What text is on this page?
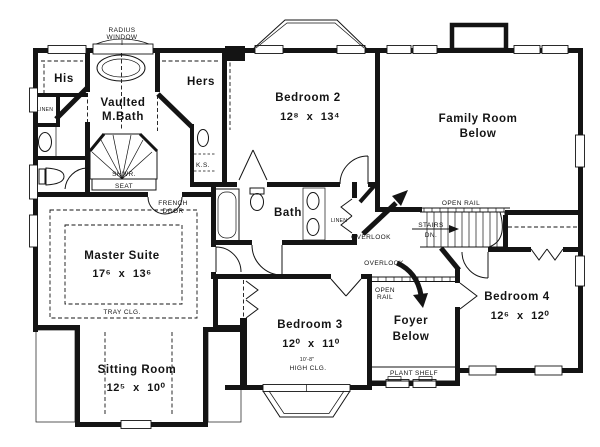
His	Hers
Vaulted
M.Bath
Bedroom 2
12⁸ x 13⁴	Family Room
Below
Bath
Master Suite
17⁶ x 13⁶
TRAY CLG.
Sitting Room
12⁵ x 10⁰
Bedroom 3
12⁰ x 11⁰
10'-8"
HIGH CLG.
Foyer
Below
Bedroom 4
12⁶ x 12⁰
RADIUS
WINDOW
LINEN
LINEN
K.S.
SHWR.
SEAT
FRENCH
DOOR
OPEN RAIL
STAIRS
DN.
OVERLOOK
OVERLOOK
OPEN
RAIL
PLANT SHELF
